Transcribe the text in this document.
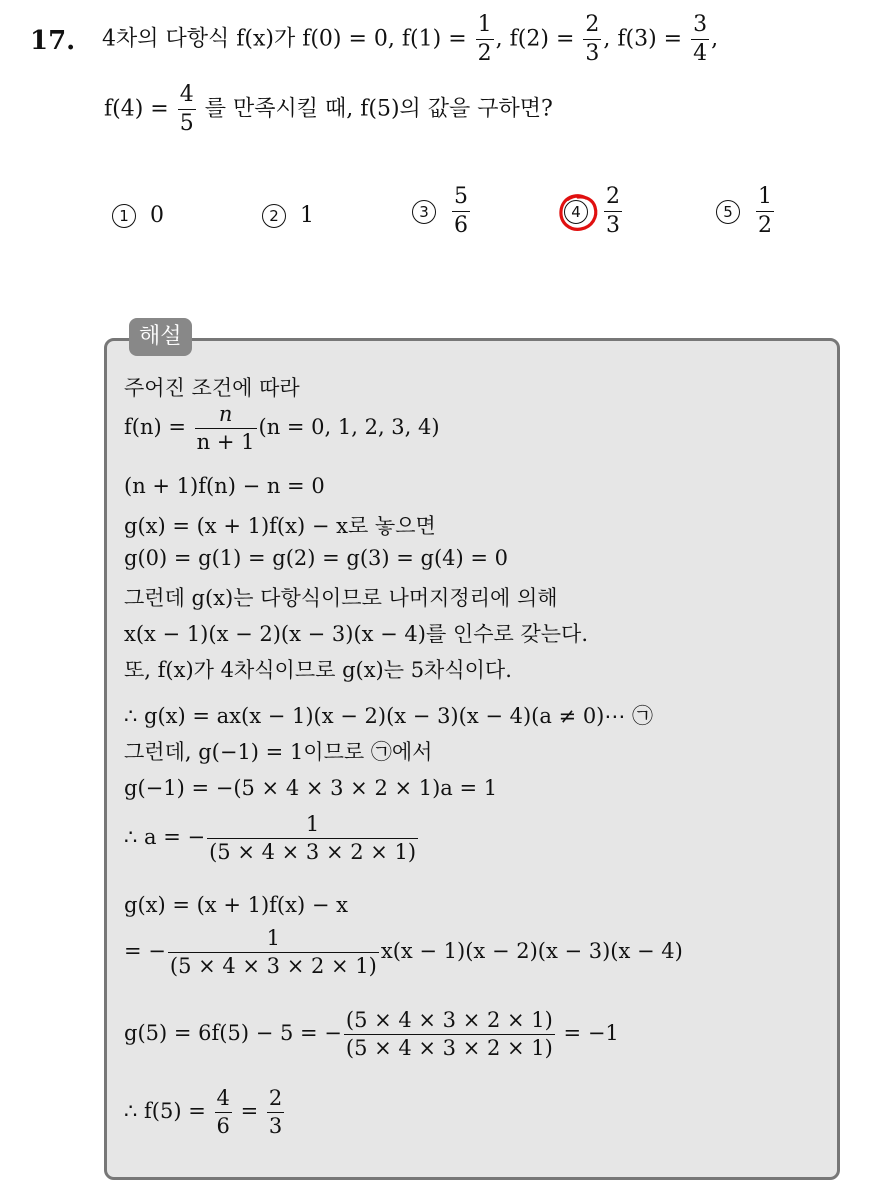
17. 4차의 다항식 f(x)가 f(0) = 0, $f(1) = \frac{1}{2}$ , $f(2) = \frac{2}{3}$ , $f(3) = \frac{3}{4}$ ,
$f(4) = \frac{4}{5}$ 를 만족시킬 때, f(5)의 값을 구하면?
1 0	2 1	3	$\frac{5}{6}$	4	$\frac{2}{3}$	5	$\frac{1}{2}$
해설
주어진 조건에 따라
$f(n) = \frac{n}{n + 1} (n = 0$, 1, 2, 3, 4)
(n + 1)f(n) − n = 0
g(x) = (x + 1)f(x) − x로 놓으면
g(0) = g(1) = g(2) = g(3) = g(4) = 0
그런데 g(x)는 다항식이므로 나머지정리에 의해
x(x − 1)(x − 2)(x − 3)(x − 4)를 인수로 갖는다.
또, f(x)가 4차식이므로 g(x)는 5차식이다.
∴ g(x) = ax(x − 1)(x − 2)(x − 3)(x − 4)(a ≠ 0)⋯ ㉠
그런데, g(−1) = 1이므로 ㉠에서
g(−1) = −(5 × 4 × 3 × 2 × 1)a = 1
∴ a = − $\frac{1}{(5 \times 4 \times 3 \times 2 \times 1)}$
g(x) = (x + 1)f(x) − x
= − $\frac{1}{(5 \times 4 \times 3 \times 2 \times 1)} x(x - 1)(x - 2)(x - 3)(x - 4)$
g(5) = 6f(5) − 5 = − $\frac{(5 \times 4 \times 3 \times 2 \times 1)}{(5 \times 4 \times 3 \times 2 \times 1)} = -1$
∴ $f(5) = \frac{4}{6} = \frac{2}{3}$
